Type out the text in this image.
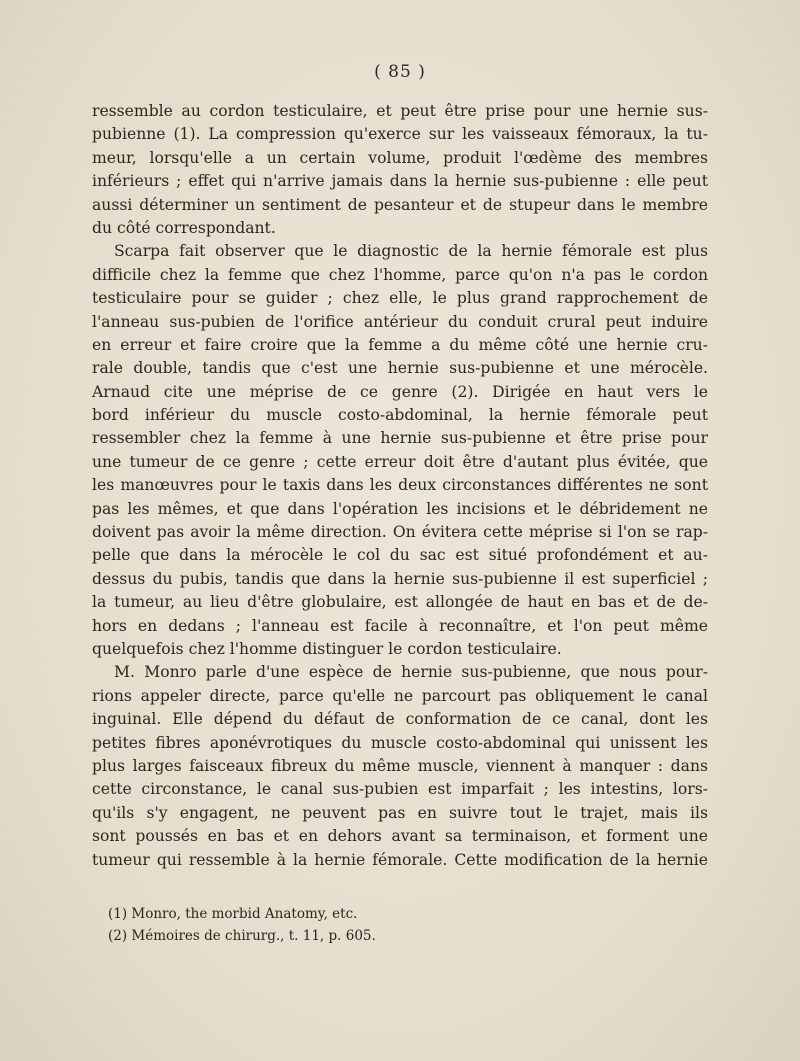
( 85 )
ressemble au cordon testiculaire, et peut être prise pour une hernie sus-
pubienne (1). La compression qu'exerce sur les vaisseaux fémoraux, la tu-
meur, lorsqu'elle a un certain volume, produit l'œdème des membres
inférieurs ; effet qui n'arrive jamais dans la hernie sus-pubienne : elle peut
aussi déterminer un sentiment de pesanteur et de stupeur dans le membre
du côté correspondant.
Scarpa fait observer que le diagnostic de la hernie fémorale est plus
difficile chez la femme que chez l'homme, parce qu'on n'a pas le cordon
testiculaire pour se guider ; chez elle, le plus grand rapprochement de
l'anneau sus-pubien de l'orifice antérieur du conduit crural peut induire
en erreur et faire croire que la femme a du même côté une hernie cru-
rale double, tandis que c'est une hernie sus-pubienne et une mérocèle.
Arnaud cite une méprise de ce genre (2). Dirigée en haut vers le
bord inférieur du muscle costo-abdominal, la hernie fémorale peut
ressembler chez la femme à une hernie sus-pubienne et être prise pour
une tumeur de ce genre ; cette erreur doit être d'autant plus évitée, que
les manœuvres pour le taxis dans les deux circonstances différentes ne sont
pas les mêmes, et que dans l'opération les incisions et le débridement ne
doivent pas avoir la même direction. On évitera cette méprise si l'on se rap-
pelle que dans la mérocèle le col du sac est situé profondément et au-
dessus du pubis, tandis que dans la hernie sus-pubienne il est superficiel ;
la tumeur, au lieu d'être globulaire, est allongée de haut en bas et de de-
hors en dedans ; l'anneau est facile à reconnaître, et l'on peut même
quelquefois chez l'homme distinguer le cordon testiculaire.
M. Monro parle d'une espèce de hernie sus-pubienne, que nous pour-
rions appeler directe, parce qu'elle ne parcourt pas obliquement le canal
inguinal. Elle dépend du défaut de conformation de ce canal, dont les
petites fibres aponévrotiques du muscle costo-abdominal qui unissent les
plus larges faisceaux fibreux du même muscle, viennent à manquer : dans
cette circonstance, le canal sus-pubien est imparfait ; les intestins, lors-
qu'ils s'y engagent, ne peuvent pas en suivre tout le trajet, mais ils
sont poussés en bas et en dehors avant sa terminaison, et forment une
tumeur qui ressemble à la hernie fémorale. Cette modification de la hernie
(1) Monro, the morbid Anatomy, etc.
(2) Mémoires de chirurg., t. 11, p. 605.
